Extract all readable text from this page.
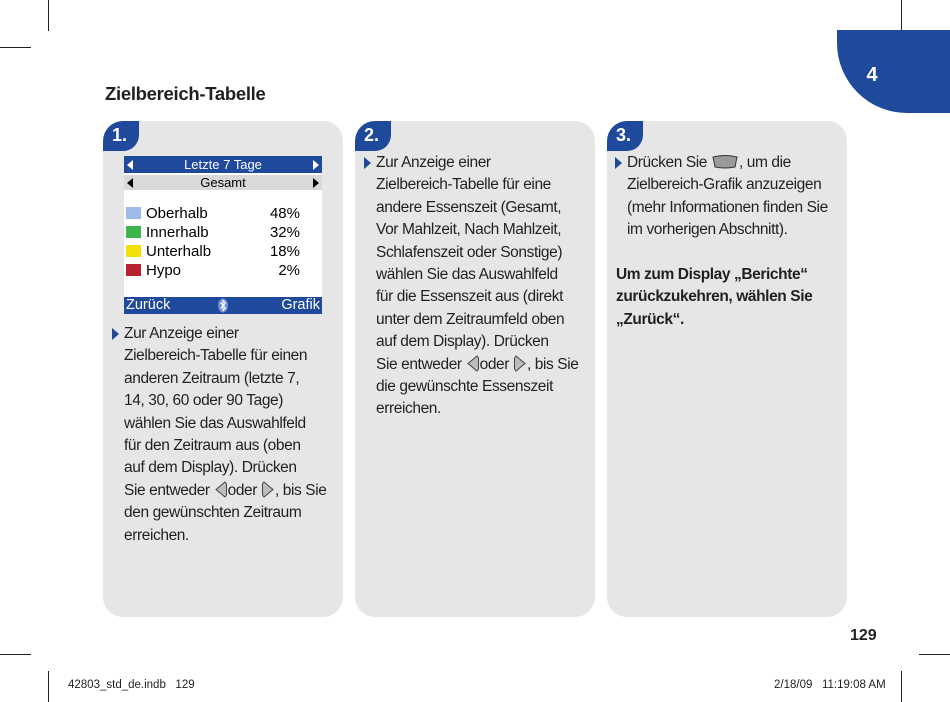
4
Zielbereich-Tabelle
1.
Letzte 7 Tage
Gesamt
Oberhalb	48%
Innerhalb	32%
Unterhalb	18%
Hypo	2%
Zurück	Grafik
Zur Anzeige einer
Zielbereich-Tabelle für einen
anderen Zeitraum (letzte 7,
14, 30, 60 oder 90 Tage)
wählen Sie das Auswahlfeld
für den Zeitraum aus (oben
auf dem Display). Drücken
Sie entweder oder , bis Sie
den gewünschten Zeitraum
erreichen.
2.
Zur Anzeige einer
Zielbereich-Tabelle für eine
andere Essenszeit (Gesamt,
Vor Mahlzeit, Nach Mahlzeit,
Schlafenszeit oder Sonstige)
wählen Sie das Auswahlfeld
für die Essenszeit aus (direkt
unter dem Zeitraumfeld oben
auf dem Display). Drücken
Sie entweder oder , bis Sie
die gewünschte Essenszeit
erreichen.
3.
Drücken Sie , um die
Zielbereich-Grafik anzuzeigen
(mehr Informationen finden Sie
im vorherigen Abschnitt).
Um zum Display „Berichte“
zurückzukehren, wählen Sie
„Zurück“.
129
42803_std_de.indb   129	2/18/09   11:19:08 AM
